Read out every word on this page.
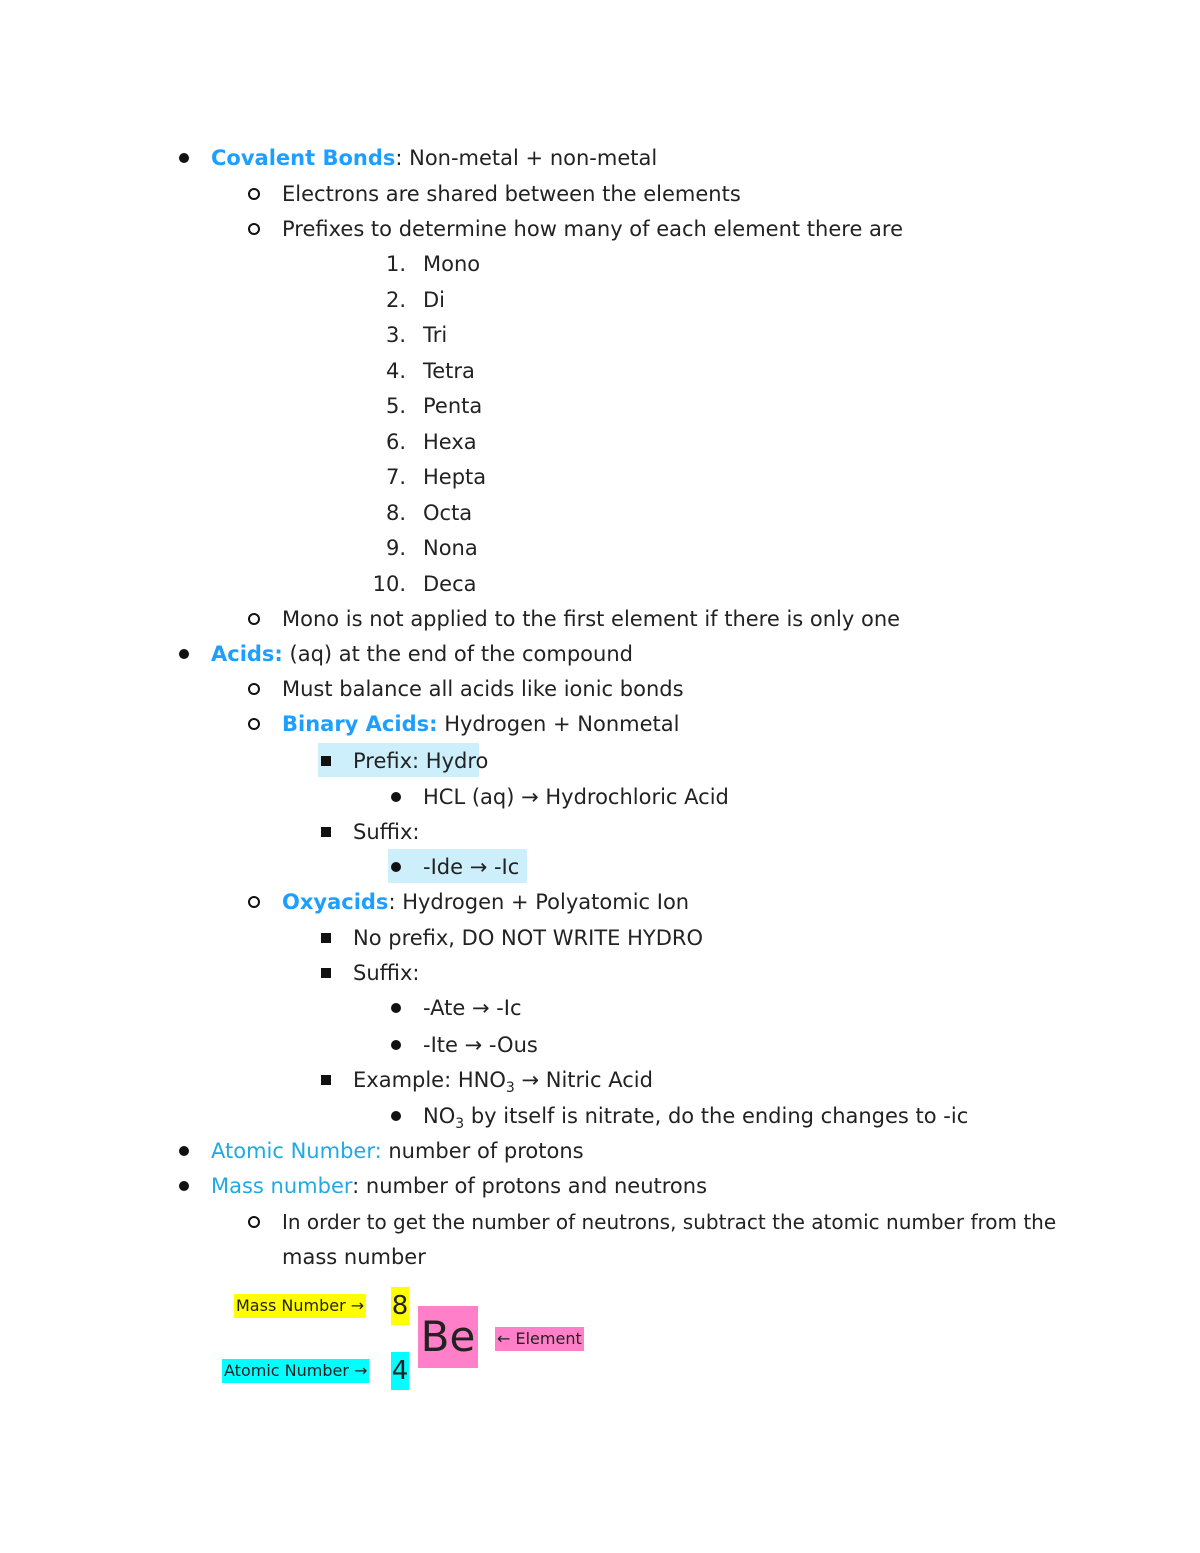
Covalent Bonds: Non-metal + non-metal
Electrons are shared between the elements
Prefixes to determine how many of each element there are
1. Mono
2. Di
3. Tri
4. Tetra
5. Penta
6. Hexa
7. Hepta
8. Octa
9. Nona
10. Deca
Mono is not applied to the first element if there is only one
Acids: (aq) at the end of the compound
Must balance all acids like ionic bonds
Binary Acids: Hydrogen + Nonmetal
Prefix: Hydro
HCL (aq) → Hydrochloric Acid
Suffix:
-Ide → -Ic
Oxyacids: Hydrogen + Polyatomic Ion
No prefix, DO NOT WRITE HYDRO
Suffix:
-Ate → -Ic
-Ite → -Ous
Example: $HNO_3$ → Nitric Acid
$NO_3$ by itself is nitrate, do the ending changes to -ic
Atomic Number: number of protons
Mass number: number of protons and neutrons
In order to get the number of neutrons, subtract the atomic number from the
mass number
Mass Number → 8
Atomic Number → 4
Be ← Element
